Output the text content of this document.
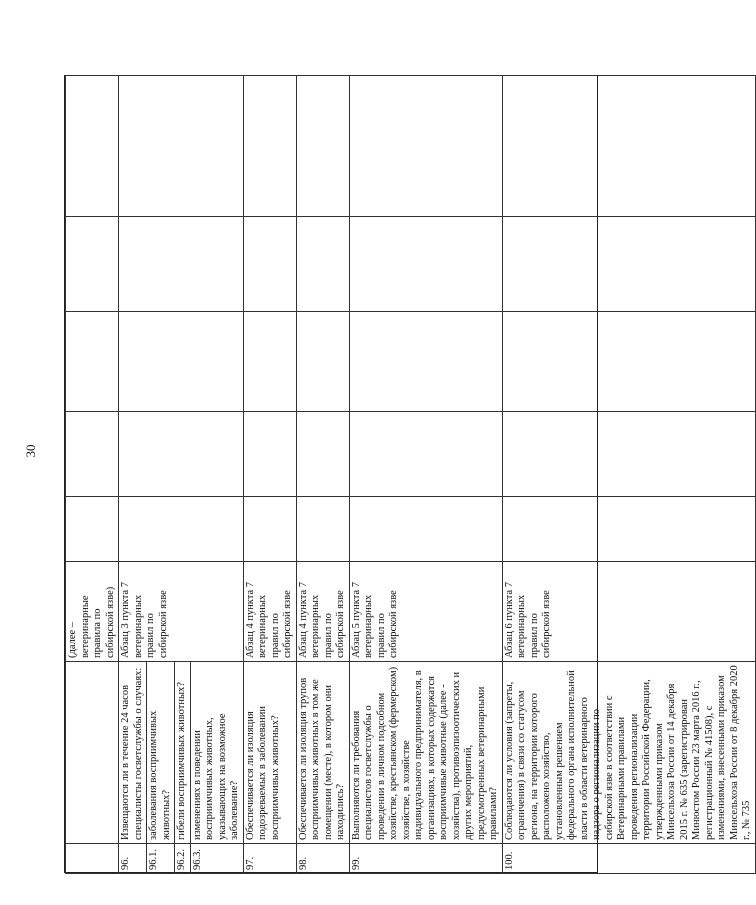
30
		(далее – ветеринарные правила по сибирской язве)					
96.	Извещаются ли в течение 24 часов специалисты госветслужбы о случаях:	Абзац 3 пункта 7 ветеринарных правил по сибирской язве					
96.1.	заболевания восприимчивых животных?						
96.2.	гибели восприимчивых животных?						
96.3.	изменениях в поведении восприимчивых животных, указывающих на возможное заболевание?						
97.	Обеспечивается ли изоляция подозреваемых в заболевании восприимчивых животных?	Абзац 4 пункта 7 ветеринарных правил по сибирской язве					
98.	Обеспечивается ли изоляция трупов восприимчивых животных в том же помещении (месте), в котором они находились?	Абзац 4 пункта 7 ветеринарных правил по сибирской язве					
99.	Выполняются ли требования специалистов госветслужбы о проведении в личном подсобном хозяйстве, крестьянском (фермерском) хозяйстве, в хозяйстве индивидуального предпринимателя, в организациях, в которых содержатся восприимчивые животные (далее - хозяйства), противоэпизоотических и других мероприятий, предусмотренных ветеринарными правилами?	Абзац 5 пункта 7 ветеринарных правил по сибирской язве					
100.	Соблюдаются ли условия (запреты, ограничения) в связи со статусом региона, на территории которого расположено хозяйство, установленным решением федерального органа исполнительной власти в области ветеринарного надзора о регионализации по сибирской язве в соответствии с Ветеринарными правилами проведения регионализации территории Российской Федерации, утвержденными приказом Минсельхоза России от 14 декабря 2015 г. № 635 (зарегистрирован Минюстом России 23 марта 2016 г., регистрационный № 41508), с изменениями, внесенными приказом Минсельхоза России от 8 декабря 2020 г., № 735	Абзац 6 пункта 7 ветеринарных правил по сибирской язве					
